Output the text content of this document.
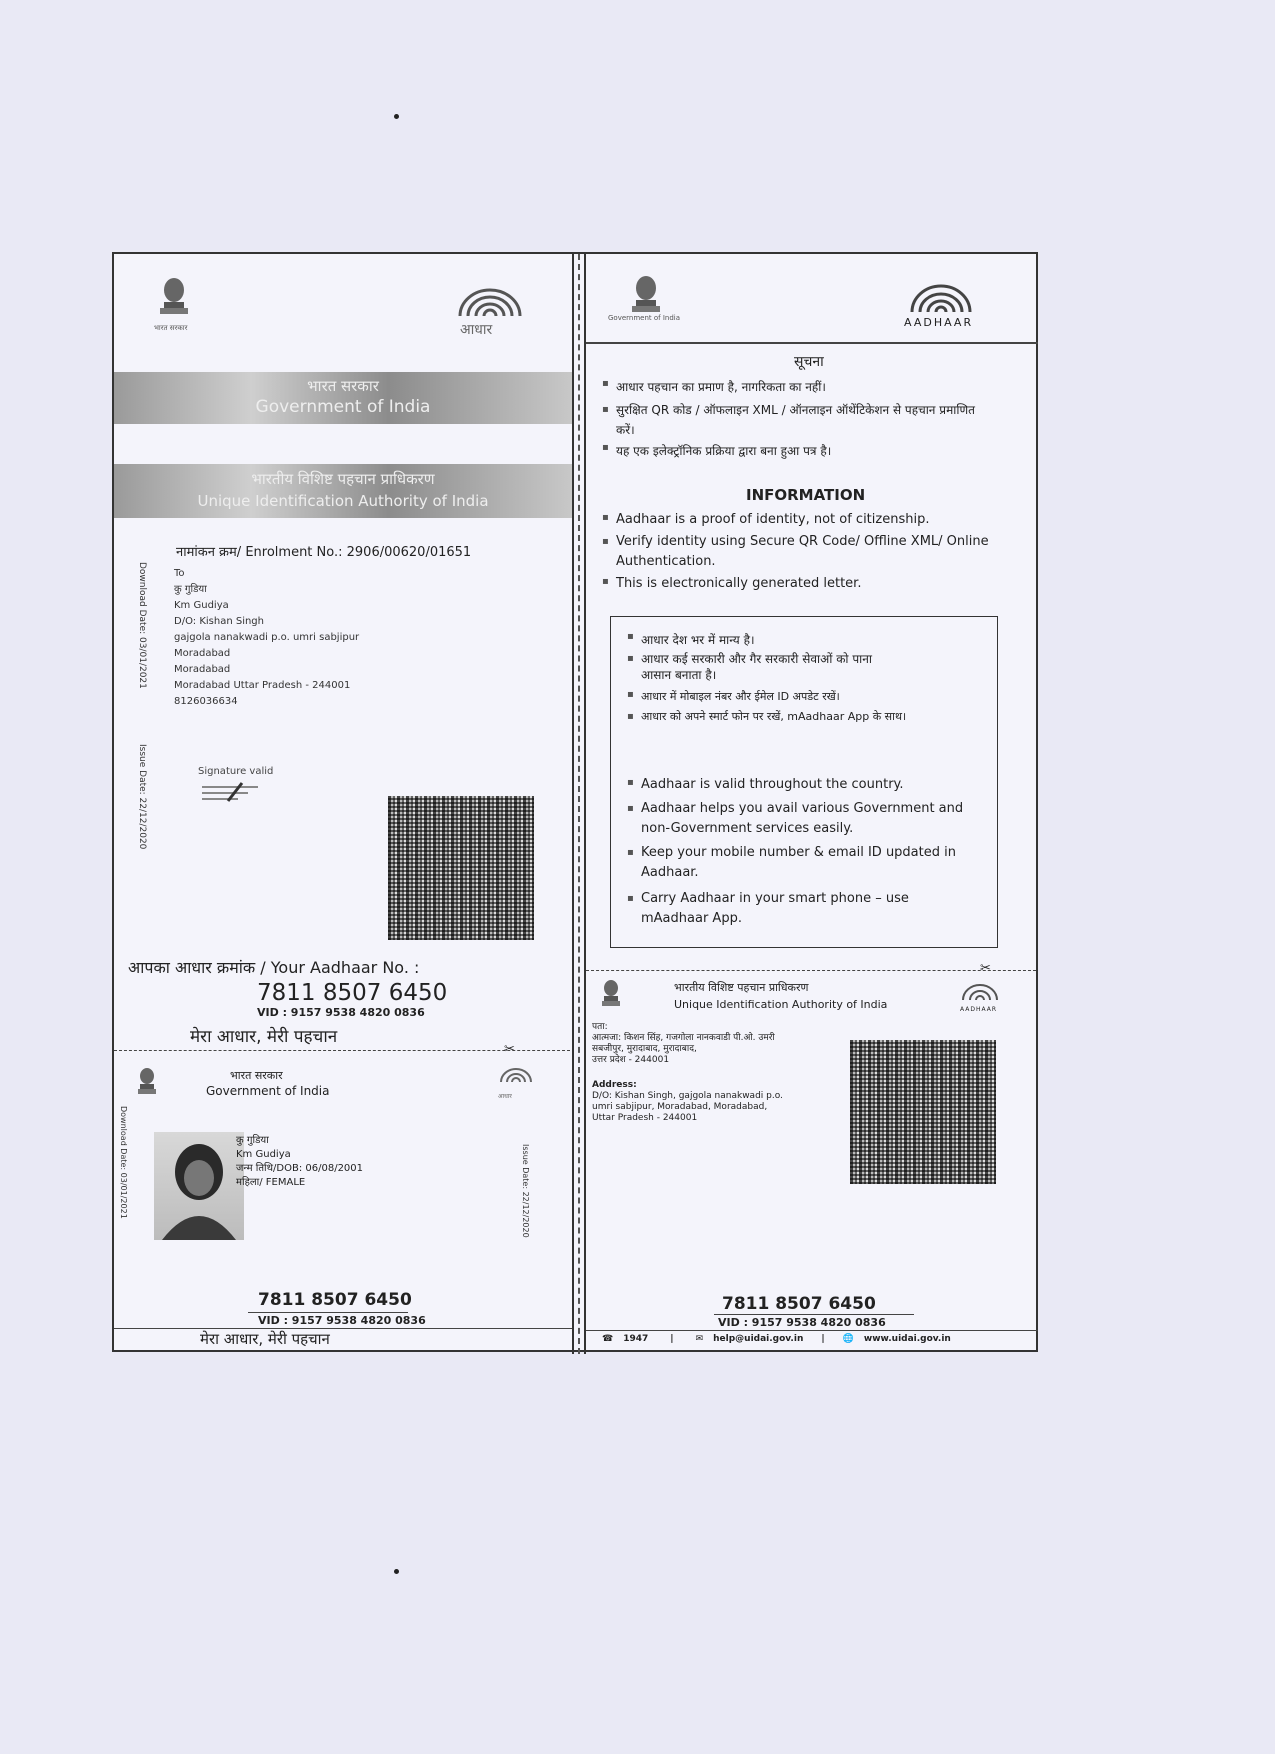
भारत सरकार	आधार
भारत सरकार
Government of India
भारतीय विशिष्ट पहचान प्राधिकरण
Unique Identification Authority of India
नामांकन क्रम/ Enrolment No.: 2906/00620/01651
Download Date: 03/01/2021
Issue Date: 22/12/2020
To
कु गुडिया
Km Gudiya
D/O: Kishan Singh
gajgola nanakwadi p.o. umri sabjipur
Moradabad
Moradabad
Moradabad Uttar Pradesh - 244001
8126036634
Signature valid
आपका आधार क्रमांक / Your Aadhaar No. :
7811 8507 6450
VID : 9157 9538 4820 0836
मेरा आधार, मेरी पहचान
✂
भारत सरकार
Government of India	आधार
Download Date: 03/01/2021	Issue Date: 22/12/2020
कु गुडिया
Km Gudiya
जन्म तिथि/DOB: 06/08/2001
महिला/ FEMALE
7811 8507 6450
VID : 9157 9538 4820 0836
मेरा आधार, मेरी पहचान
Government of India	AADHAAR
सूचना
▪ आधार पहचान का प्रमाण है, नागरिकता का नहीं।
▪ सुरक्षित QR कोड / ऑफलाइन XML / ऑनलाइन ऑथेंटिकेशन से पहचान प्रमाणित करें।
▪ यह एक इलेक्ट्रॉनिक प्रक्रिया द्वारा बना हुआ पत्र है।
INFORMATION
▪ Aadhaar is a proof of identity, not of citizenship.
▪ Verify identity using Secure QR Code/ Offline XML/ Online Authentication.
▪ This is electronically generated letter.
▪ आधार देश भर में मान्य है।
▪ आधार कई सरकारी और गैर सरकारी सेवाओं को पाना आसान बनाता है।
▪ आधार में मोबाइल नंबर और ईमेल ID अपडेट रखें।
▪ आधार को अपने स्मार्ट फोन पर रखें, mAadhaar App के साथ।
▪ Aadhaar is valid throughout the country.
▪ Aadhaar helps you avail various Government and non-Government services easily.
▪ Keep your mobile number & email ID updated in Aadhaar.
▪ Carry Aadhaar in your smart phone – use mAadhaar App.
✂
भारतीय विशिष्ट पहचान प्राधिकरण
Unique Identification Authority of India	AADHAAR
पता:
आत्मजा: किशन सिंह, गजगोला नानकवाडी पी.ओ. उमरी
सबजीपुर, मुरादाबाद, मुरादाबाद,
उत्तर प्रदेश - 244001
Address:
D/O: Kishan Singh, gajgola nanakwadi p.o.
umri sabjipur, Moradabad, Moradabad,
Uttar Pradesh - 244001
7811 8507 6450
VID : 9157 9538 4820 0836
☎ 1947 | ✉ help@uidai.gov.in | 🌐 www.uidai.gov.in
